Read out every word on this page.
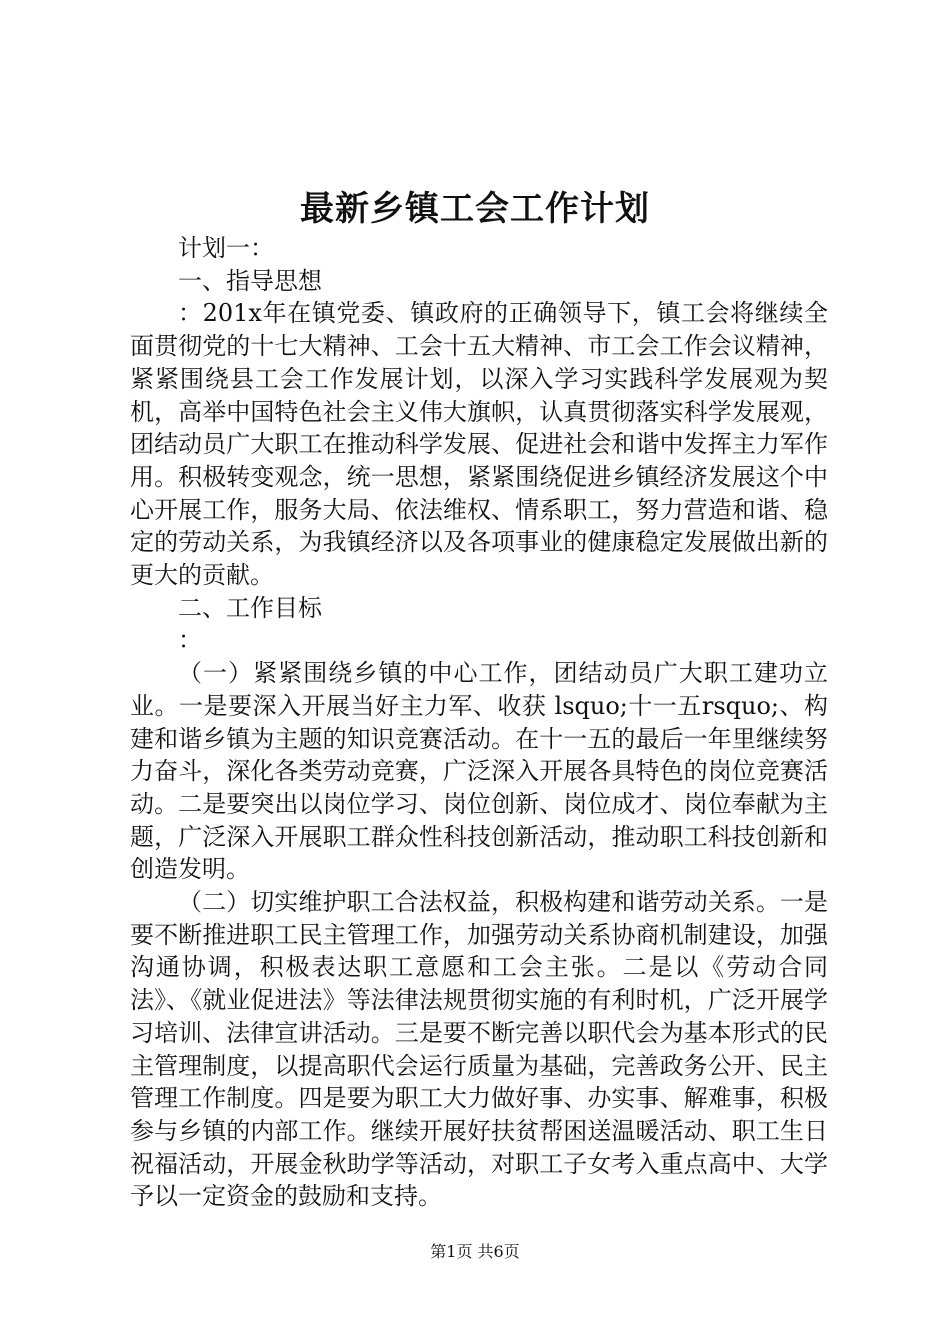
最新乡镇工会工作计划

计划一：

一、指导思想

：201x年在镇党委、镇政府的正确领导下，镇工会将继续全面贯彻党的十七大精神、工会十五大精神、市工会工作会议精神，紧紧围绕县工会工作发展计划，以深入学习实践科学发展观为契机，高举中国特色社会主义伟大旗帜，认真贯彻落实科学发展观，团结动员广大职工在推动科学发展、促进社会和谐中发挥主力军作用。积极转变观念，统一思想，紧紧围绕促进乡镇经济发展这个中心开展工作，服务大局、依法维权、情系职工，努力营造和谐、稳定的劳动关系，为我镇经济以及各项事业的健康稳定发展做出新的更大的贡献。

二、工作目标

：

（一）紧紧围绕乡镇的中心工作，团结动员广大职工建功立业。一是要深入开展当好主力军、收获 lsquo;十一五rsquo;、构建和谐乡镇为主题的知识竞赛活动。在十一五的最后一年里继续努力奋斗，深化各类劳动竞赛，广泛深入开展各具特色的岗位竞赛活动。二是要突出以岗位学习、岗位创新、岗位成才、岗位奉献为主题，广泛深入开展职工群众性科技创新活动，推动职工科技创新和创造发明。

（二）切实维护职工合法权益，积极构建和谐劳动关系。一是要不断推进职工民主管理工作，加强劳动关系协商机制建设，加强沟通协调，积极表达职工意愿和工会主张。二是以《劳动合同法》、《就业促进法》等法律法规贯彻实施的有利时机，广泛开展学习培训、法律宣讲活动。三是要不断完善以职代会为基本形式的民主管理制度，以提高职代会运行质量为基础，完善政务公开、民主管理工作制度。四是要为职工大力做好事、办实事、解难事，积极参与乡镇的内部工作。继续开展好扶贫帮困送温暖活动、职工生日祝福活动，开展金秋助学等活动，对职工子女考入重点高中、大学予以一定资金的鼓励和支持。

第1页 共6页
